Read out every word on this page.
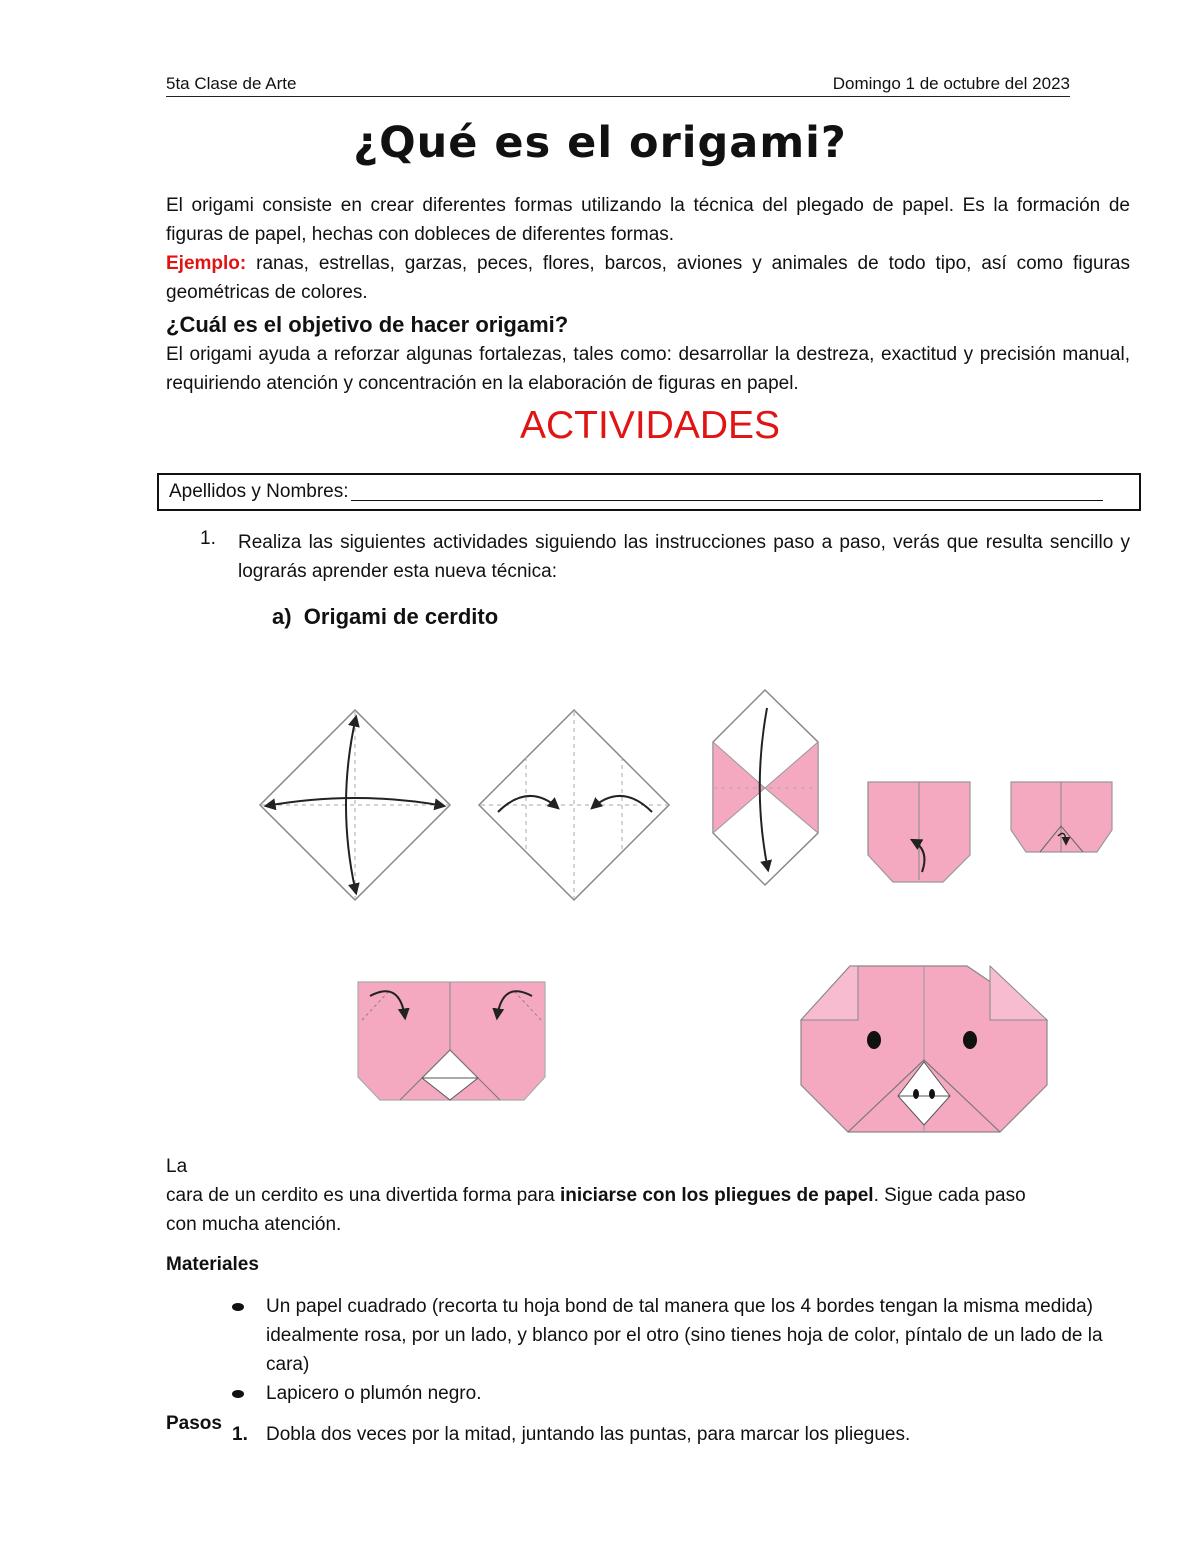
5ta Clase de Arte	Domingo 1 de octubre del 2023
¿Qué es el origami?
El origami consiste en crear diferentes formas utilizando la técnica del plegado de papel. Es la formación de figuras de papel, hechas con dobleces de diferentes formas.
Ejemplo: ranas, estrellas, garzas, peces, flores, barcos, aviones y animales de todo tipo, así como figuras geométricas de colores.
¿Cuál es el objetivo de hacer origami?
El origami ayuda a reforzar algunas fortalezas, tales como: desarrollar la destreza, exactitud y precisión manual, requiriendo atención y concentración en la elaboración de figuras en papel.
ACTIVIDADES
Apellidos y Nombres:
1. Realiza las siguientes actividades siguiendo las instrucciones paso a paso, verás que resulta sencillo y lograrás aprender esta nueva técnica:
a) Origami de cerdito
La
cara de un cerdito es una divertida forma para iniciarse con los pliegues de papel. Sigue cada paso
con mucha atención.
Materiales
Un papel cuadrado (recorta tu hoja bond de tal manera que los 4 bordes tengan la misma medida) idealmente rosa, por un lado, y blanco por el otro (sino tienes hoja de color, píntalo de un lado de la cara)
Lapicero o plumón negro.
Pasos
1. Dobla dos veces por la mitad, juntando las puntas, para marcar los pliegues.
